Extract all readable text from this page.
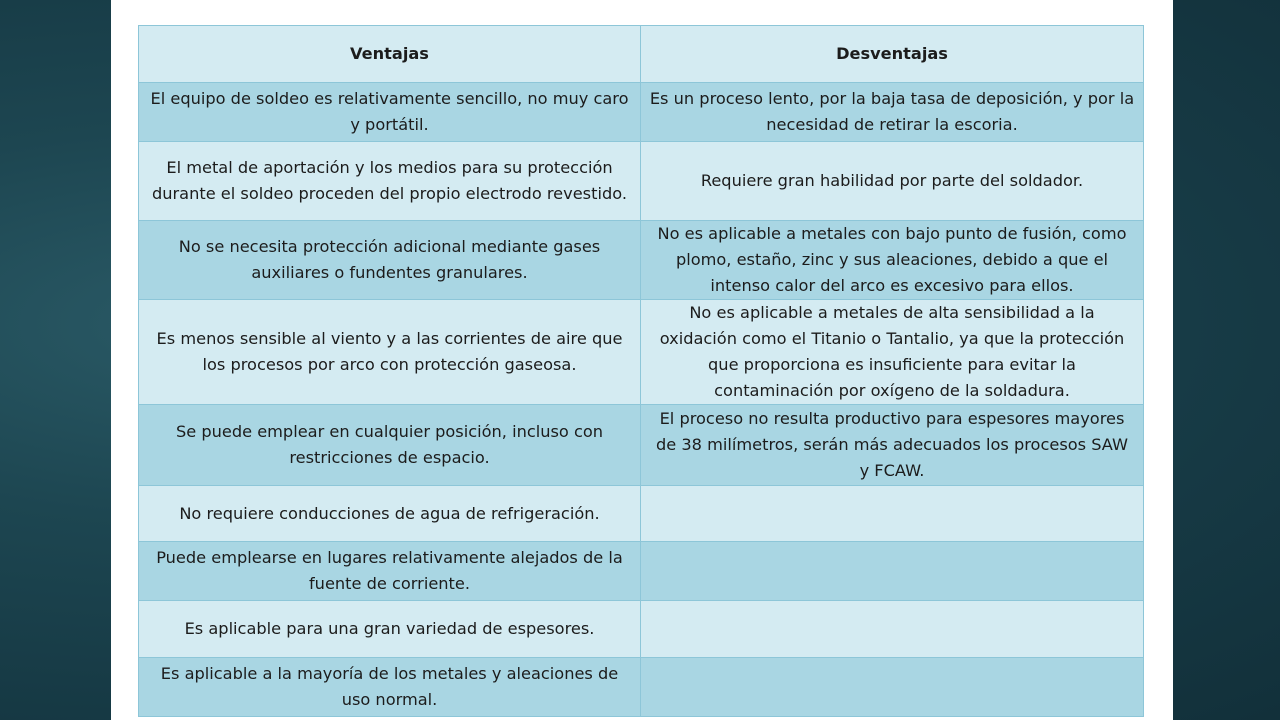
Ventajas	Desventajas
El equipo de soldeo es relativamente sencillo, no muy caro y portátil.	Es un proceso lento, por la baja tasa de deposición, y por la necesidad de retirar la escoria.
El metal de aportación y los medios para su protección durante el soldeo proceden del propio electrodo revestido.	Requiere gran habilidad por parte del soldador.
No se necesita protección adicional mediante gases auxiliares o fundentes granulares.	No es aplicable a metales con bajo punto de fusión, como plomo, estaño, zinc y sus aleaciones, debido a que el intenso calor del arco es excesivo para ellos.
Es menos sensible al viento y a las corrientes de aire que los procesos por arco con protección gaseosa.	No es aplicable a metales de alta sensibilidad a la oxidación como el Titanio o Tantalio, ya que la protección que proporciona es insuficiente para evitar la contaminación por oxígeno de la soldadura.
Se puede emplear en cualquier posición, incluso con restricciones de espacio.	El proceso no resulta productivo para espesores mayores de 38 milímetros, serán más adecuados los procesos SAW y FCAW.
No requiere conducciones de agua de refrigeración.	
Puede emplearse en lugares relativamente alejados de la fuente de corriente.	
Es aplicable para una gran variedad de espesores.	
Es aplicable a la mayoría de los metales y aleaciones de uso normal.	
